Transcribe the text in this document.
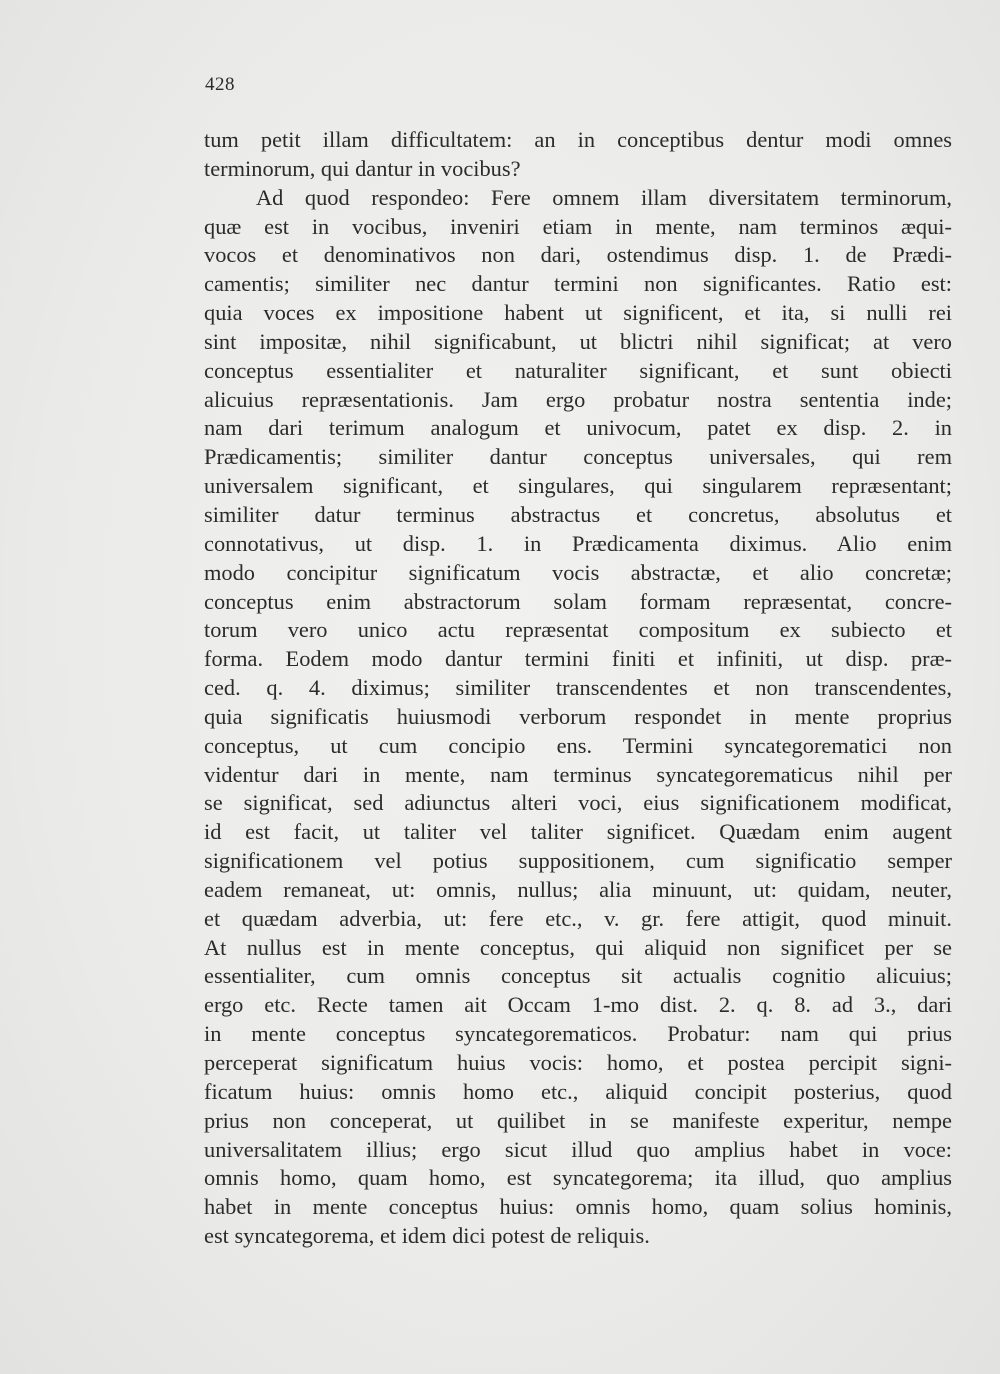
428
tum petit illam difficultatem: an in conceptibus dentur modi omnes
terminorum, qui dantur in vocibus?
Ad quod respondeo: Fere omnem illam diversitatem terminorum,
quæ est in vocibus, inveniri etiam in mente, nam terminos æqui-
vocos et denominativos non dari, ostendimus disp. 1. de Prædi-
camentis; similiter nec dantur termini non significantes. Ratio est:
quia voces ex impositione habent ut significent, et ita, si nulli rei
sint impositæ, nihil significabunt, ut blictri nihil significat; at vero
conceptus essentialiter et naturaliter significant, et sunt obiecti
alicuius repræsentationis. Jam ergo probatur nostra sententia inde;
nam dari terimum analogum et univocum, patet ex disp. 2. in
Prædicamentis; similiter dantur conceptus universales, qui rem
universalem significant, et singulares, qui singularem repræsentant;
similiter datur terminus abstractus et concretus, absolutus et
connotativus, ut disp. 1. in Prædicamenta diximus. Alio enim
modo concipitur significatum vocis abstractæ, et alio concretæ;
conceptus enim abstractorum solam formam repræsentat, concre-
torum vero unico actu repræsentat compositum ex subiecto et
forma. Eodem modo dantur termini finiti et infiniti, ut disp. præ-
ced. q. 4. diximus; similiter transcendentes et non transcendentes,
quia significatis huiusmodi verborum respondet in mente proprius
conceptus, ut cum concipio ens. Termini syncategorematici non
videntur dari in mente, nam terminus syncategorematicus nihil per
se significat, sed adiunctus alteri voci, eius significationem modificat,
id est facit, ut taliter vel taliter significet. Quædam enim augent
significationem vel potius suppositionem, cum significatio semper
eadem remaneat, ut: omnis, nullus; alia minuunt, ut: quidam, neuter,
et quædam adverbia, ut: fere etc., v. gr. fere attigit, quod minuit.
At nullus est in mente conceptus, qui aliquid non significet per se
essentialiter, cum omnis conceptus sit actualis cognitio alicuius;
ergo etc. Recte tamen ait Occam 1-mo dist. 2. q. 8. ad 3., dari
in mente conceptus syncategorematicos. Probatur: nam qui prius
perceperat significatum huius vocis: homo, et postea percipit signi-
ficatum huius: omnis homo etc., aliquid concipit posterius, quod
prius non conceperat, ut quilibet in se manifeste experitur, nempe
universalitatem illius; ergo sicut illud quo amplius habet in voce:
omnis homo, quam homo, est syncategorema; ita illud, quo amplius
habet in mente conceptus huius: omnis homo, quam solius hominis,
est syncategorema, et idem dici potest de reliquis.
